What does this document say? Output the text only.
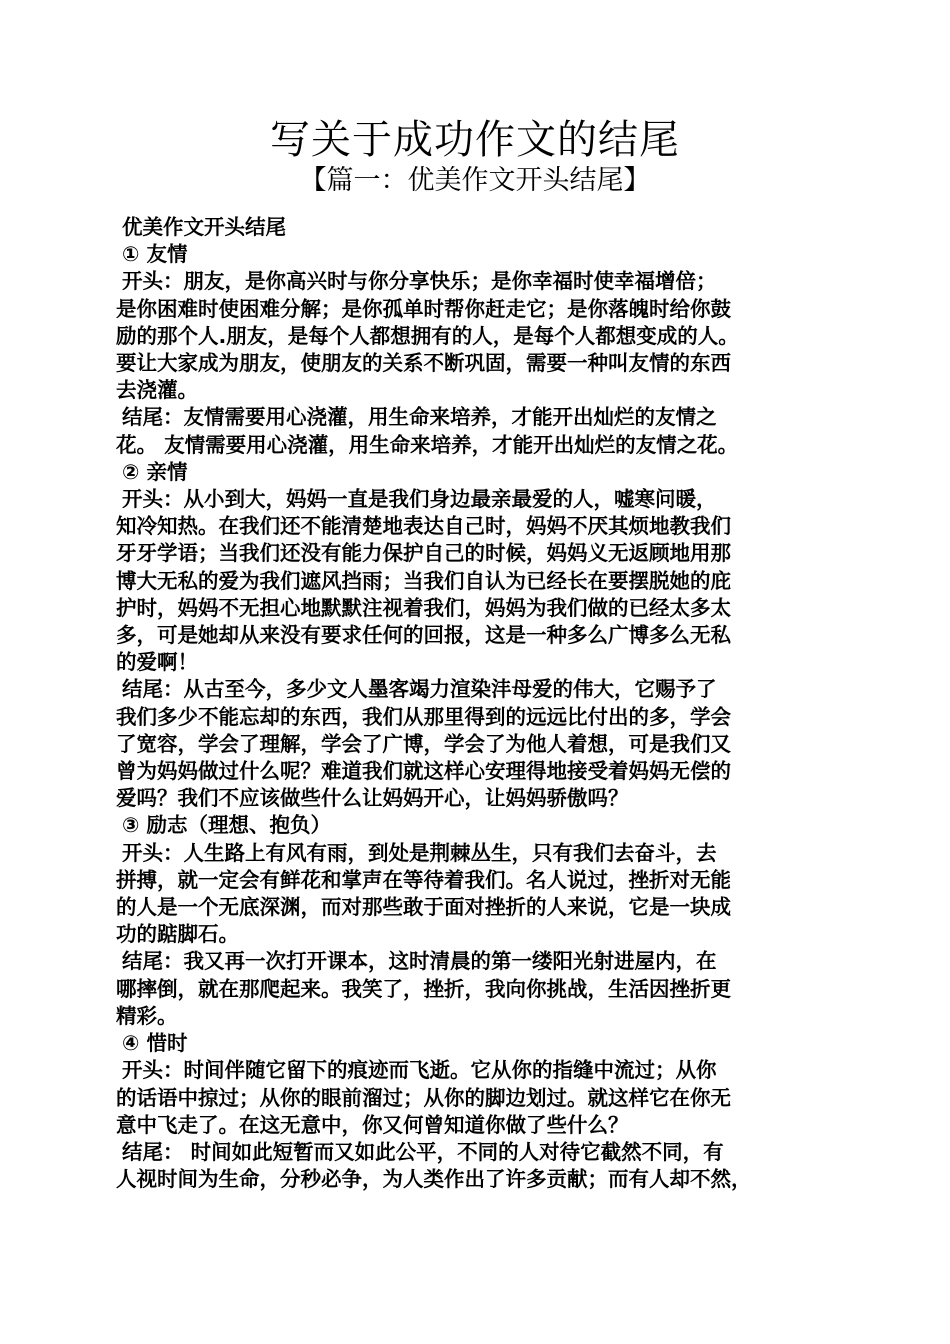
写关于成功作文的结尾
【篇一：优美作文开头结尾】
优美作文开头结尾
① 友情
开头：朋友，是你高兴时与你分享快乐；是你幸福时使幸福增倍；
是你困难时使困难分解；是你孤单时帮你赶走它；是你落魄时给你鼓
励的那个人.朋友，是每个人都想拥有的人，是每个人都想变成的人。
要让大家成为朋友，使朋友的关系不断巩固，需要一种叫友情的东西
去浇灌。
结尾：友情需要用心浇灌，用生命来培养，才能开出灿烂的友情之
花。 友情需要用心浇灌，用生命来培养，才能开出灿烂的友情之花。
② 亲情
开头：从小到大，妈妈一直是我们身边最亲最爱的人，嘘寒问暖，
知冷知热。在我们还不能清楚地表达自己时，妈妈不厌其烦地教我们
牙牙学语；当我们还没有能力保护自己的时候，妈妈义无返顾地用那
博大无私的爱为我们遮风挡雨；当我们自认为已经长在要摆脱她的庇
护时，妈妈不无担心地默默注视着我们，妈妈为我们做的已经太多太
多，可是她却从来没有要求任何的回报，这是一种多么广博多么无私
的爱啊！
结尾：从古至今，多少文人墨客竭力渲染沣母爱的伟大，它赐予了
我们多少不能忘却的东西，我们从那里得到的远远比付出的多，学会
了宽容，学会了理解，学会了广博，学会了为他人着想，可是我们又
曾为妈妈做过什么呢？难道我们就这样心安理得地接受着妈妈无偿的
爱吗？我们不应该做些什么让妈妈开心，让妈妈骄傲吗？
③ 励志（理想、抱负）
开头：人生路上有风有雨，到处是荆棘丛生，只有我们去奋斗，去
拼搏，就一定会有鲜花和掌声在等待着我们。名人说过，挫折对无能
的人是一个无底深渊，而对那些敢于面对挫折的人来说，它是一块成
功的踮脚石。
结尾：我又再一次打开课本，这时清晨的第一缕阳光射进屋内，在
哪摔倒，就在那爬起来。我笑了，挫折，我向你挑战，生活因挫折更
精彩。
④ 惜时
开头：时间伴随它留下的痕迹而飞逝。它从你的指缝中流过；从你
的话语中掠过；从你的眼前溜过；从你的脚边划过。就这样它在你无
意中飞走了。在这无意中，你又何曾知道你做了些什么？
结尾： 时间如此短暂而又如此公平，不同的人对待它截然不同，有
人视时间为生命，分秒必争，为人类作出了许多贡献；而有人却不然，
